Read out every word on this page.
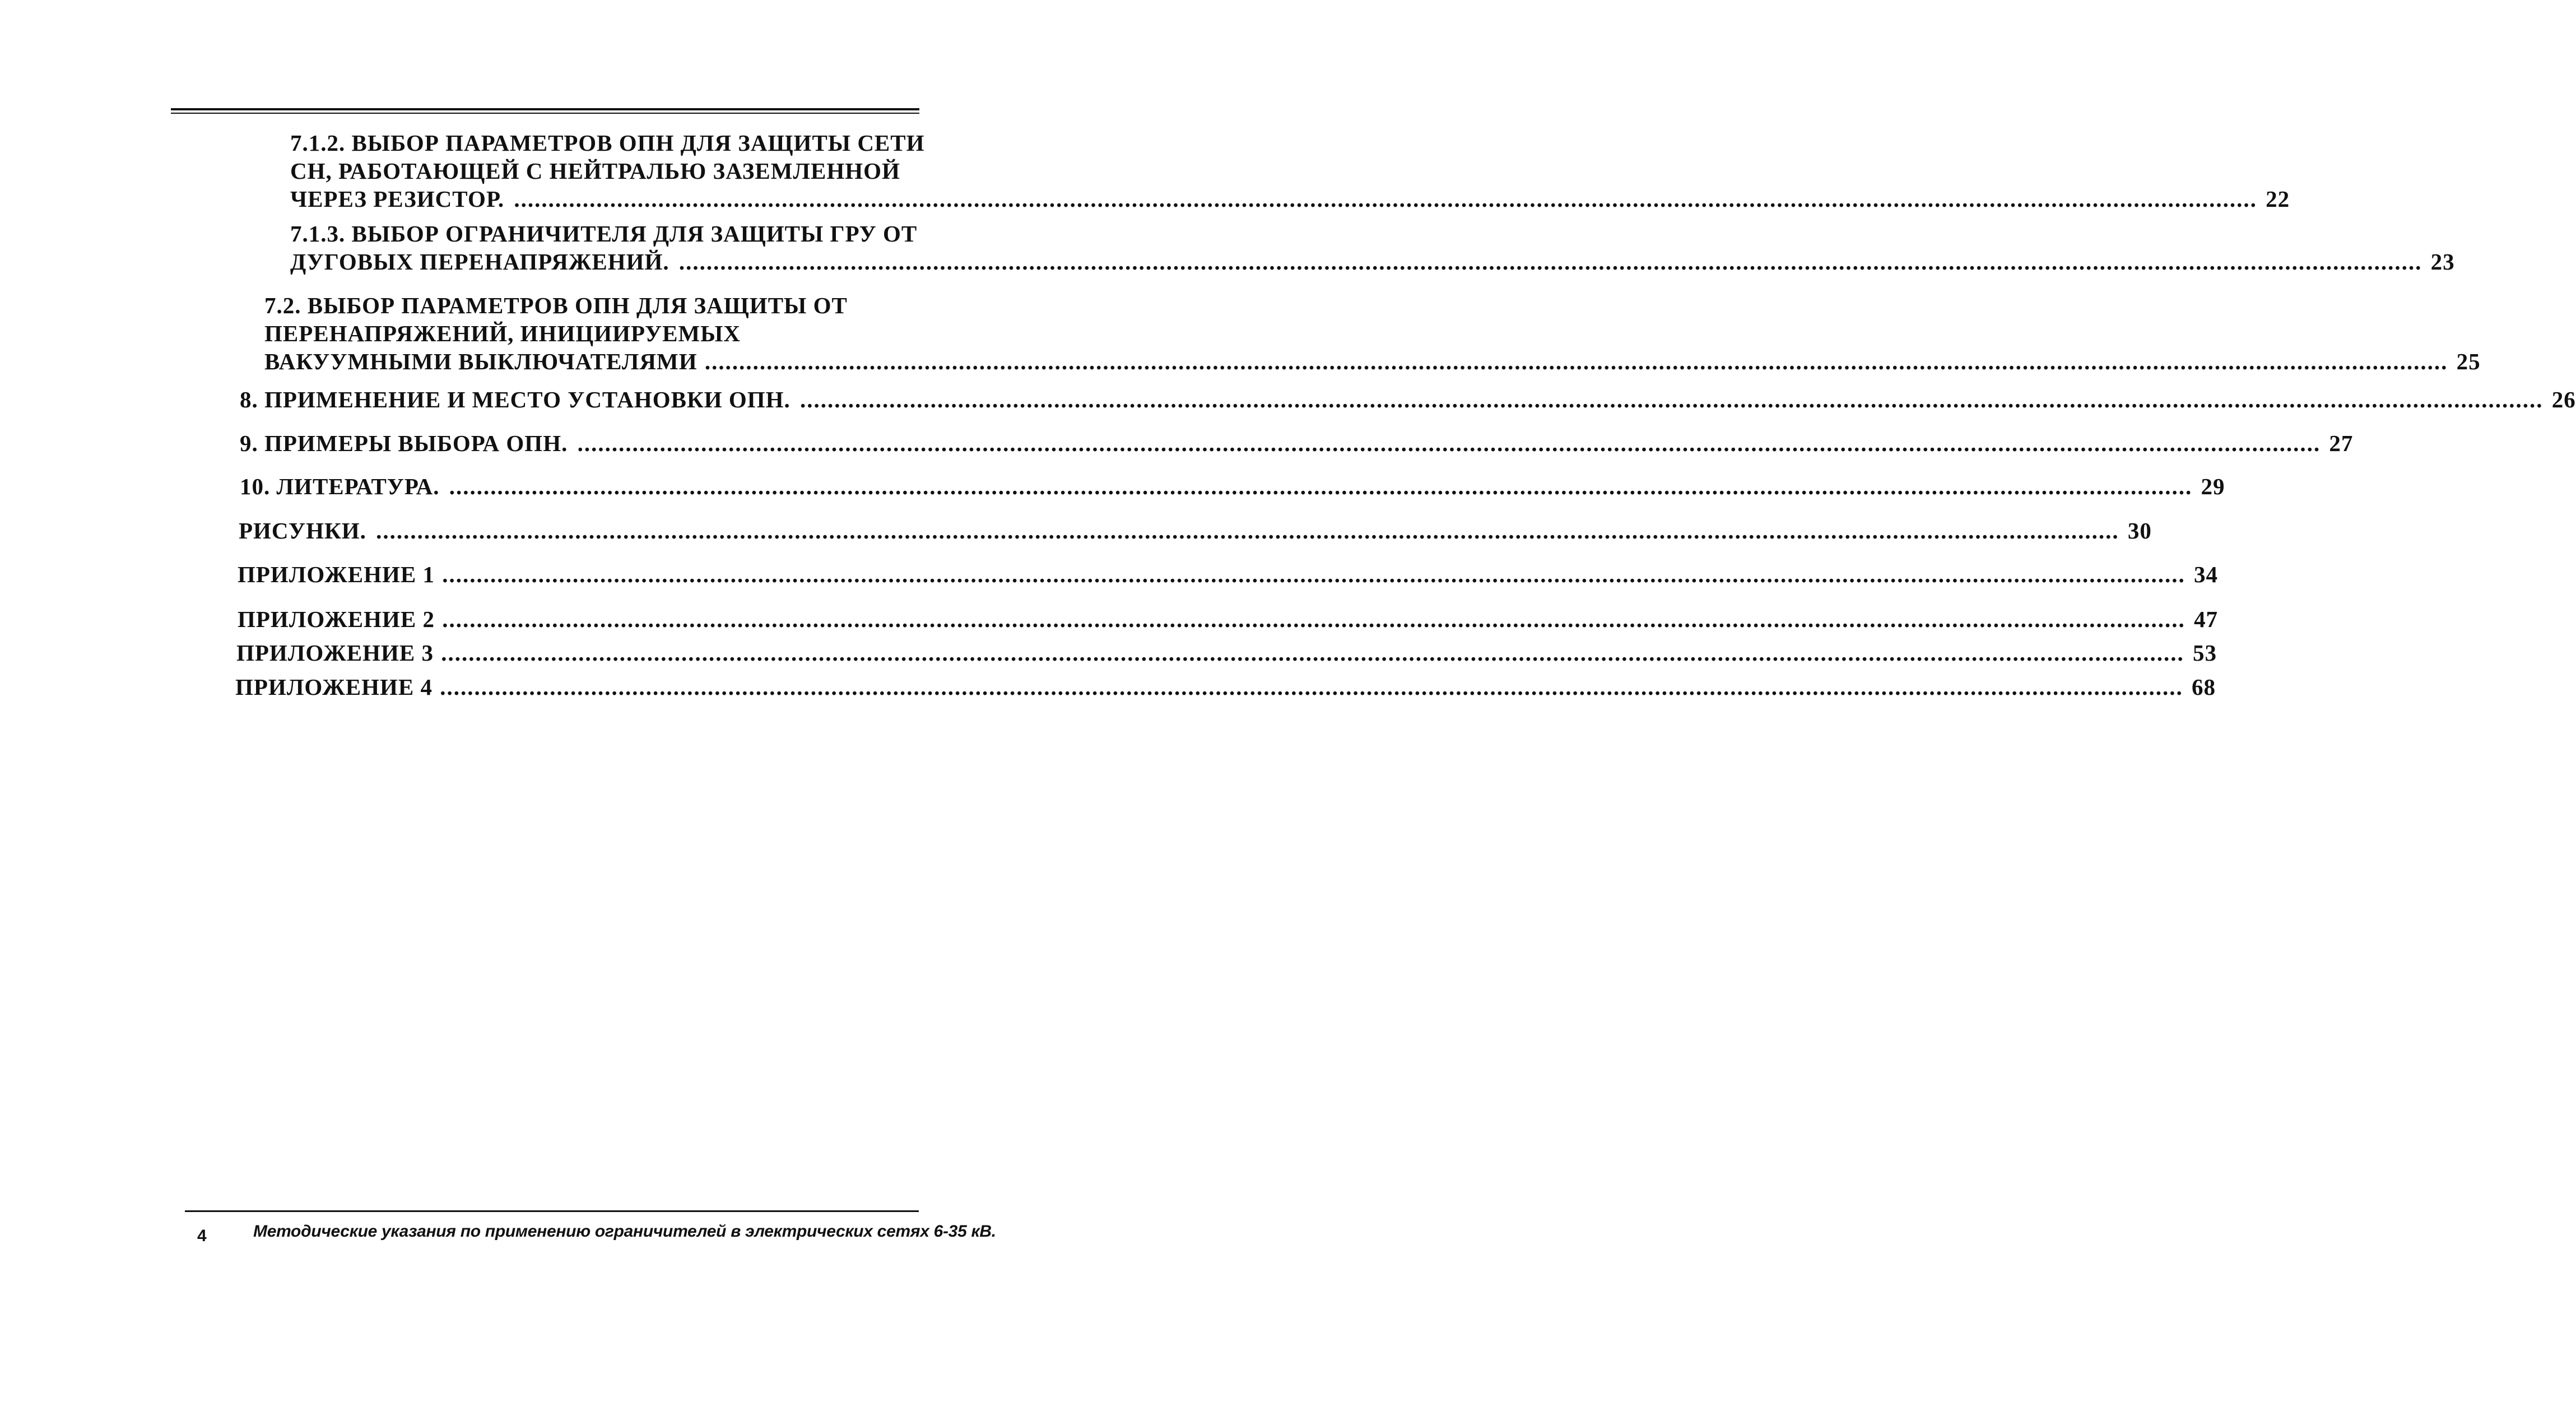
7.1.2. ВЫБОР ПАРАМЕТРОВ ОПН ДЛЯ ЗАЩИТЫ СЕТИ
СН, РАБОТАЮЩЕЙ С НЕЙТРАЛЬЮ ЗАЗЕМЛЕННОЙ
ЧЕРЕЗ РЕЗИСТОР. .....	22
7.1.3. ВЫБОР ОГРАНИЧИТЕЛЯ ДЛЯ ЗАЩИТЫ ГРУ ОТ
ДУГОВЫХ ПЕРЕНАПРЯЖЕНИЙ. .....	23
7.2. ВЫБОР ПАРАМЕТРОВ ОПН ДЛЯ ЗАЩИТЫ ОТ
ПЕРЕНАПРЯЖЕНИЙ, ИНИЦИИРУЕМЫХ
ВАКУУМНЫМИ ВЫКЛЮЧАТЕЛЯМИ .....	25
8. ПРИМЕНЕНИЕ И МЕСТО УСТАНОВКИ ОПН. .....	26
9. ПРИМЕРЫ ВЫБОРА ОПН. .....	27
10. ЛИТЕРАТУРА. .....	29
РИСУНКИ. .....	30
ПРИЛОЖЕНИЕ 1 .....	34
ПРИЛОЖЕНИЕ 2 .....	47
ПРИЛОЖЕНИЕ 3 .....	53
ПРИЛОЖЕНИЕ 4 .....	68
4	Методические указания по применению ограничителей в электрических сетях 6-35 кВ.
